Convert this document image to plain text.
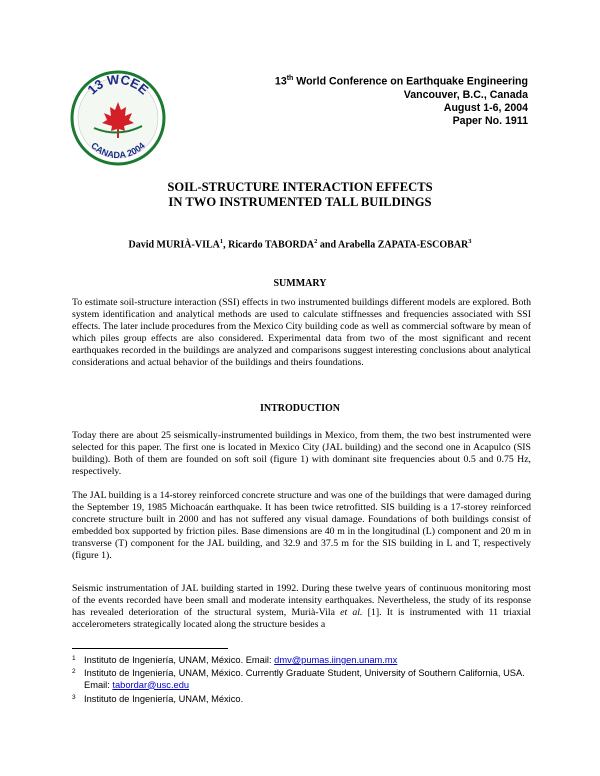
13 WCEE
CANADA 2004
13th World Conference on Earthquake Engineering
Vancouver, B.C., Canada
August 1-6, 2004
Paper No. 1911
SOIL-STRUCTURE INTERACTION EFFECTS
IN TWO INSTRUMENTED TALL BUILDINGS
David MURIÀ-VILA$^1$, Ricardo TABORDA$^2$ and Arabella ZAPATA-ESCOBAR$^3$
SUMMARY

To estimate soil-structure interaction (SSI) effects in two instrumented buildings different models are explored. Both system identification and analytical methods are used to calculate stiffnesses and frequencies associated with SSI effects. The later include procedures from the Mexico City building code as well as commercial software by mean of which piles group effects are also considered. Experimental data from two of the most significant and recent earthquakes recorded in the buildings are analyzed and comparisons suggest interesting conclusions about analytical considerations and actual behavior of the buildings and theirs foundations.

INTRODUCTION

Today there are about 25 seismically-instrumented buildings in Mexico, from them, the two best instrumented were selected for this paper. The first one is located in Mexico City (JAL building) and the second one in Acapulco (SIS building). Both of them are founded on soft soil (figure 1) with dominant site frequencies about 0.5 and 0.75 Hz, respectively.

The JAL building is a 14-storey reinforced concrete structure and was one of the buildings that were damaged during the September 19, 1985 Michoacán earthquake. It has been twice retrofitted. SIS building is a 17-storey reinforced concrete structure built in 2000 and has not suffered any visual damage. Foundations of both buildings consist of embedded box supported by friction piles. Base dimensions are 40 m in the longitudinal (L) component and 20 m in transverse (T) component for the JAL building, and 32.9 and 37.5 m for the SIS building in L and T, respectively (figure 1).

Seismic instrumentation of JAL building started in 1992. During these twelve years of continuous monitoring most of the events recorded have been small and moderate intensity earthquakes. Nevertheless, the study of its response has revealed deterioration of the structural system, Murià-Vila et al. [1]. It is instrumented with 11 triaxial accelerometers strategically located along the structure besides a

1 Instituto de Ingeniería, UNAM, México. Email: dmv@pumas.iingen.unam.mx
2 Instituto de Ingeniería, UNAM, México. Currently Graduate Student, University of Southern California, USA. Email: tabordar@usc.edu
3 Instituto de Ingeniería, UNAM, México.
